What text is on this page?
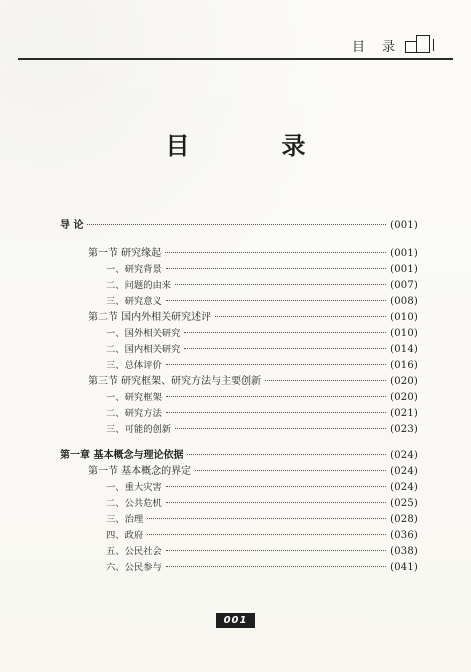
目　录
目　录
导 论	(001)
第一节 研究缘起	(001)
一、研究背景	(001)
二、问题的由来	(007)
三、研究意义	(008)
第二节 国内外相关研究述评	(010)
一、国外相关研究	(010)
二、国内相关研究	(014)
三、总体评价	(016)
第三节 研究框架、研究方法与主要创新	(020)
一、研究框架	(020)
二、研究方法	(021)
三、可能的创新	(023)
第一章 基本概念与理论依据	(024)
第一节 基本概念的界定	(024)
一、重大灾害	(024)
二、公共危机	(025)
三、治理	(028)
四、政府	(036)
五、公民社会	(038)
六、公民参与	(041)
001
